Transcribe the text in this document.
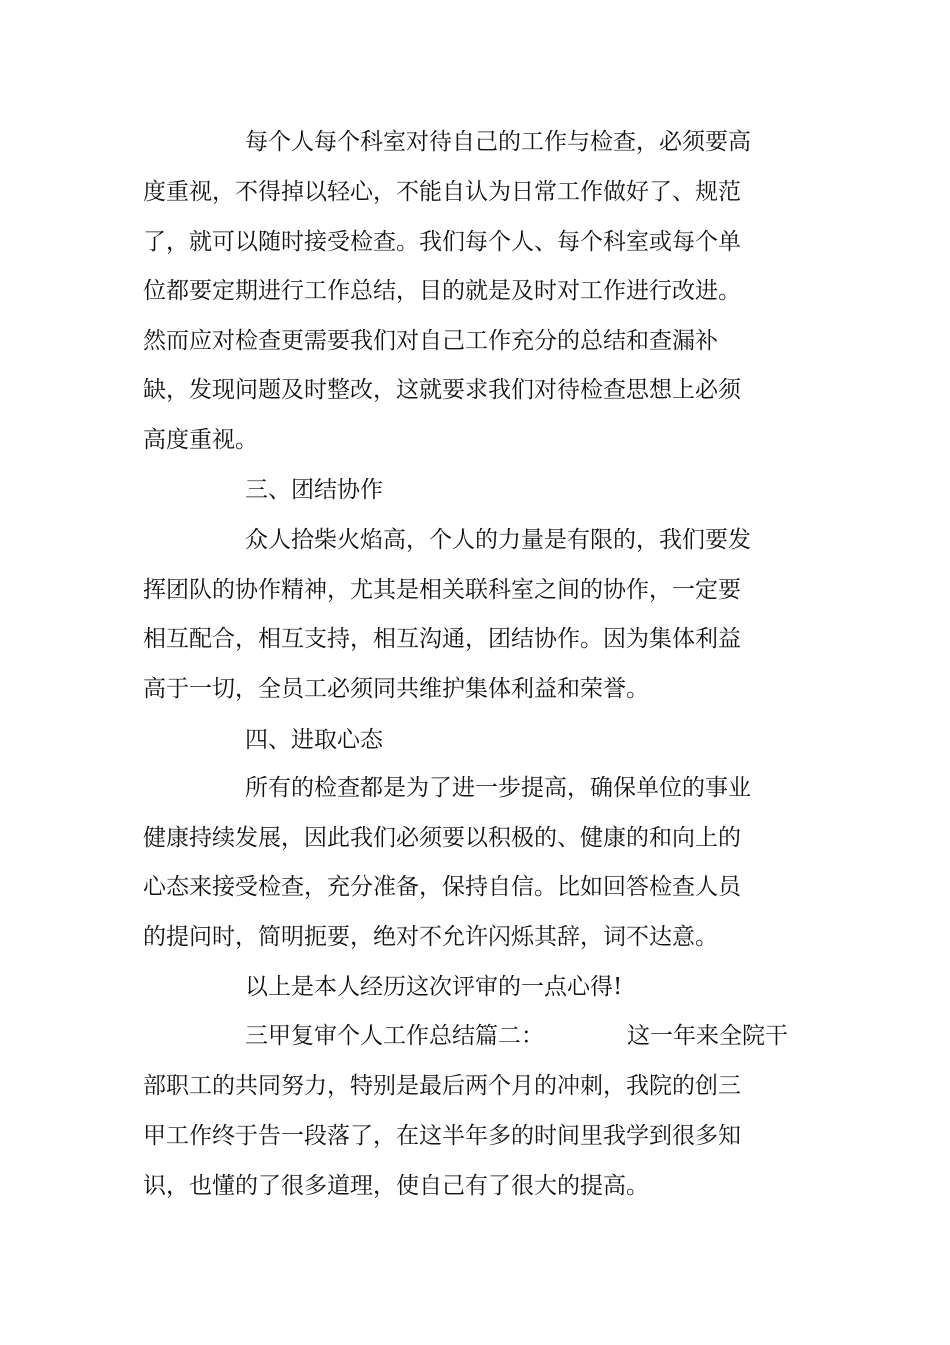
每个人每个科室对待自己的工作与检查，必须要高
度重视，不得掉以轻心，不能自认为日常工作做好了、规范
了，就可以随时接受检查。我们每个人、每个科室或每个单
位都要定期进行工作总结，目的就是及时对工作进行改进。
然而应对检查更需要我们对自己工作充分的总结和查漏补
缺，发现问题及时整改，这就要求我们对待检查思想上必须
高度重视。
三、团结协作
众人拾柴火焰高，个人的力量是有限的，我们要发
挥团队的协作精神，尤其是相关联科室之间的协作，一定要
相互配合，相互支持，相互沟通，团结协作。因为集体利益
高于一切，全员工必须同共维护集体利益和荣誉。
四、进取心态
所有的检查都是为了进一步提高，确保单位的事业
健康持续发展，因此我们必须要以积极的、健康的和向上的
心态来接受检查，充分准备，保持自信。比如回答检查人员
的提问时，简明扼要，绝对不允许闪烁其辞，词不达意。
以上是本人经历这次评审的一点心得!
三甲复审个人工作总结篇二：	这一年来全院干
部职工的共同努力，特别是最后两个月的冲刺，我院的创三
甲工作终于告一段落了，在这半年多的时间里我学到很多知
识，也懂的了很多道理，使自己有了很大的提高。
